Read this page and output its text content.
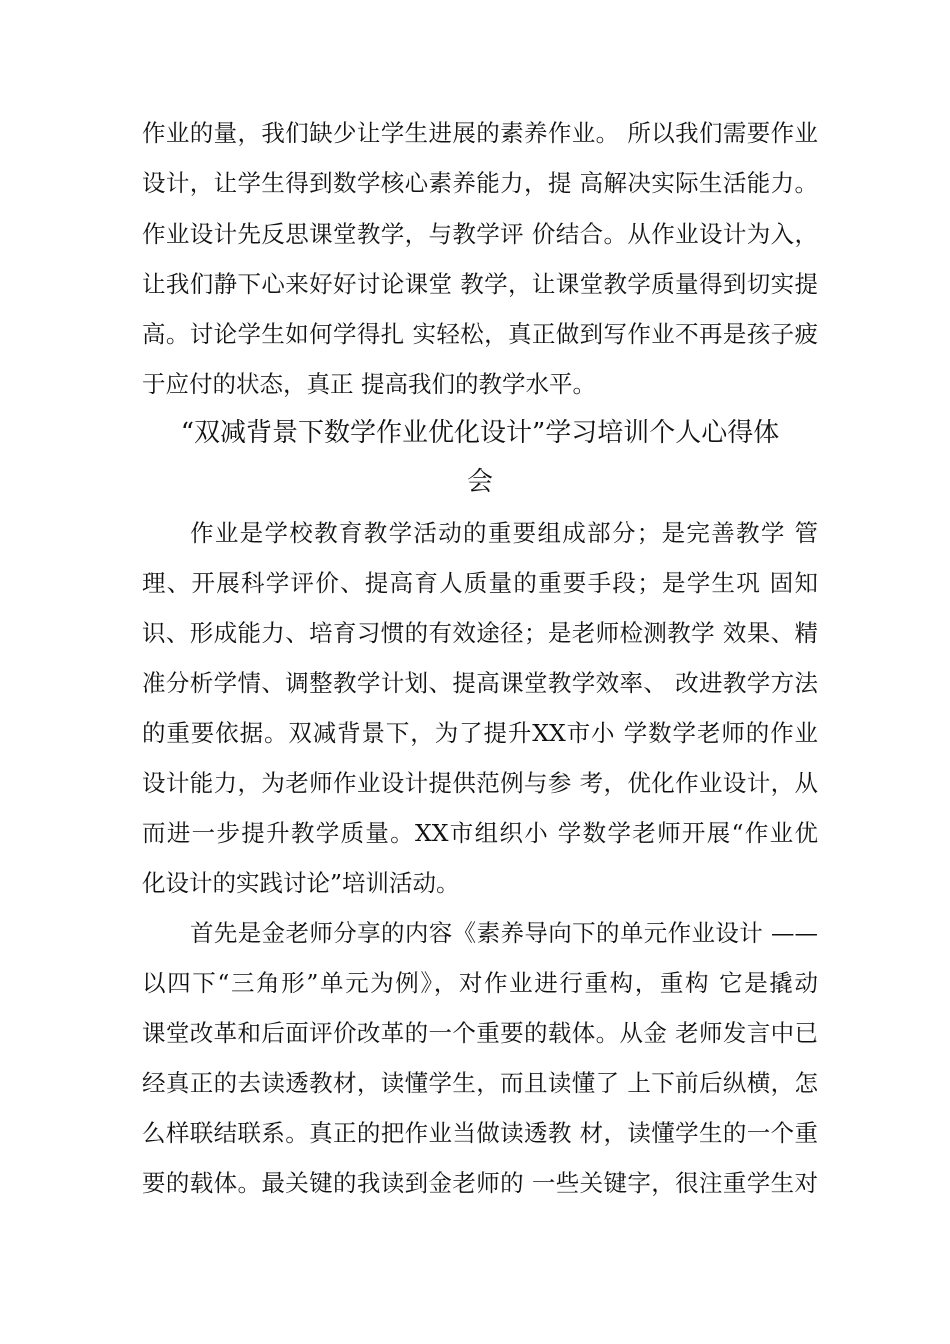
作业的量，我们缺少让学生进展的素养作业。 所以我们需要作业

设计，让学生得到数学核心素养能力，提 高解决实际生活能力。

作业设计先反思课堂教学，与教学评 价结合。从作业设计为入，

让我们静下心来好好讨论课堂 教学，让课堂教学质量得到切实提

高。讨论学生如何学得扎 实轻松，真正做到写作业不再是孩子疲

于应付的状态，真正 提高我们的教学水平。

“双减背景下数学作业优化设计”学习培训个人心得体

会

作业是学校教育教学活动的重要组成部分；是完善教学 管

理、开展科学评价、提高育人质量的重要手段；是学生巩 固知

识、形成能力、培育习惯的有效途径；是老师检测教学 效果、精

准分析学情、调整教学计划、提高课堂教学效率、 改进教学方法

的重要依据。双减背景下，为了提升XX市小 学数学老师的作业

设计能力，为老师作业设计提供范例与参 考，优化作业设计，从

而进一步提升教学质量。XX市组织小 学数学老师开展“作业优

化设计的实践讨论”培训活动。

首先是金老师分享的内容《素养导向下的单元作业设计 ——

以四下“三角形”单元为例》，对作业进行重构，重构 它是撬动

课堂改革和后面评价改革的一个重要的载体。从金 老师发言中已

经真正的去读透教材，读懂学生，而且读懂了 上下前后纵横，怎

么样联结联系。真正的把作业当做读透教 材，读懂学生的一个重

要的载体。最关键的我读到金老师的 一些关键字，很注重学生对
